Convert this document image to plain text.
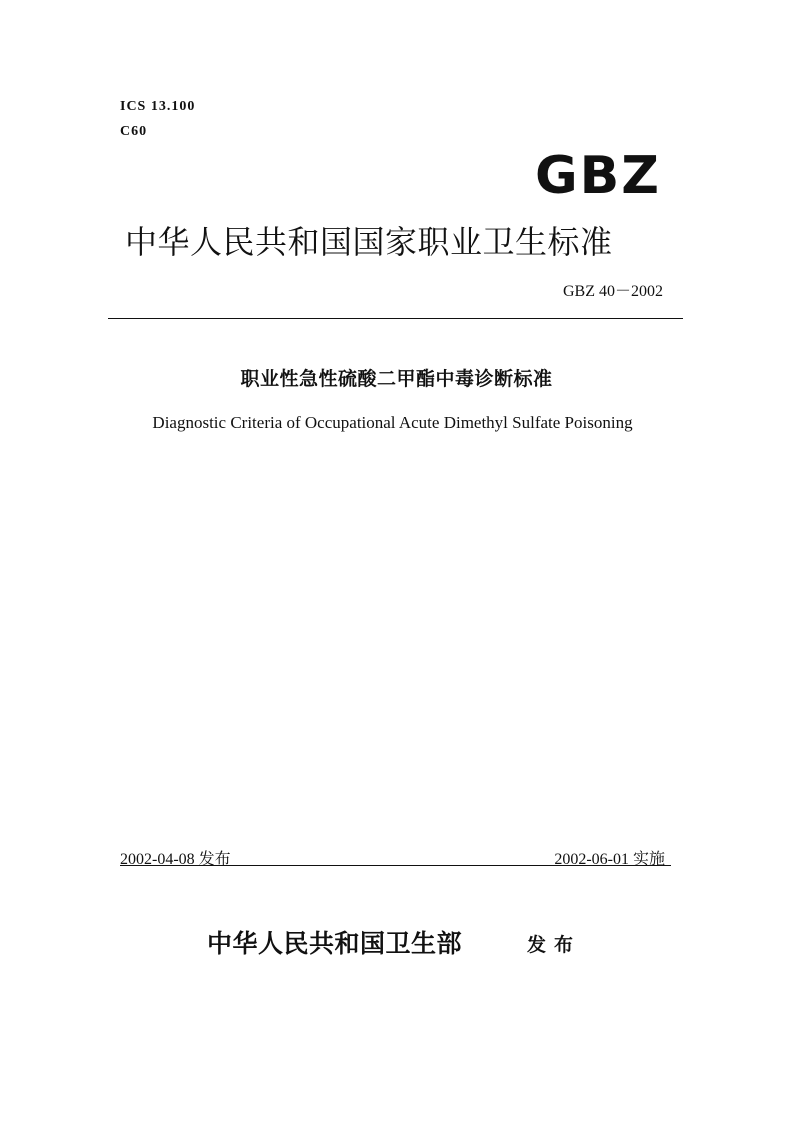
ICS 13.100
C60
GBZ
中华人民共和国国家职业卫生标准
GBZ 40－2002
职业性急性硫酸二甲酯中毒诊断标准
Diagnostic Criteria of Occupational Acute Dimethyl Sulfate Poisoning
2002-04-08 发布	2002-06-01 实施
中华人民共和国卫生部	发布
